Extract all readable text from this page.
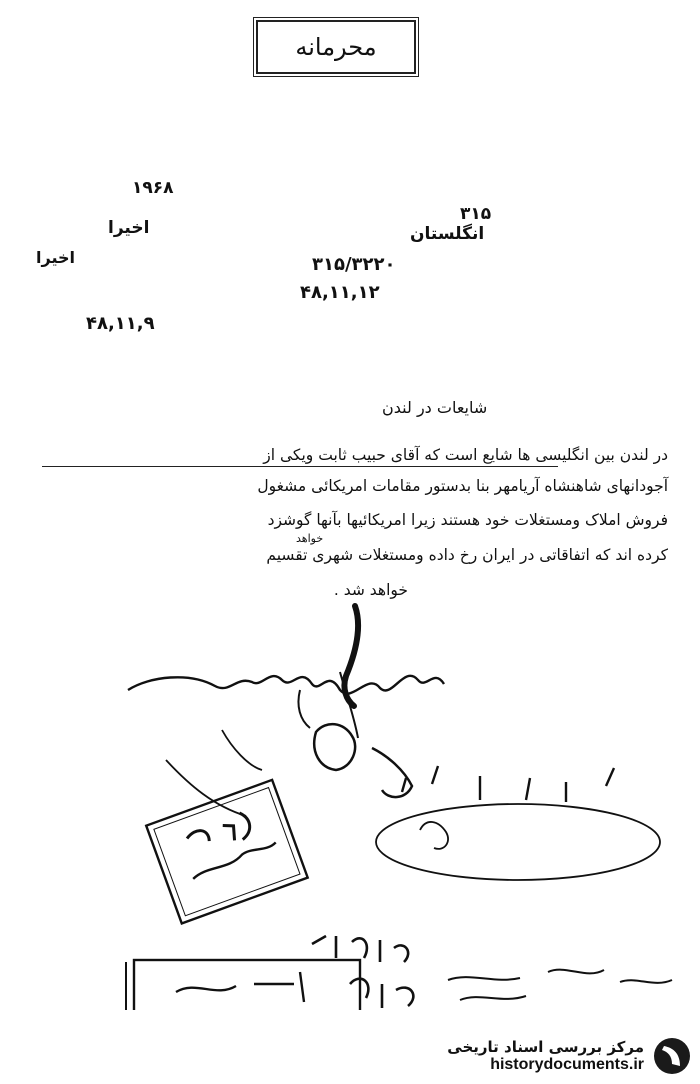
محرمانه
۱۹۶۸
۳۱۵
انگلستان
اخیرا
اخیرا	۳۱۵/۳۲۲۰
۴۸,۱۱,۱۲
۴۸,۱۱,۹
شایعات در لندن
در لندن بین انگلیسی ها شایع است که آقای حبیب ثابت ویکی از
آجودانهای شاهنشاه آریامهر بنا بدستور مقامات امریکائی مشغول
فروش املاک ومستغلات خود هستند زیرا امریکائیها بآنها گوشزد
خواهد
کرده اند که اتفاقاتی در ایران رخ داده ومستغلات شهری تقسیم
خواهد شد .
مرکز بررسی اسناد تاریخی
historydocuments.ir
